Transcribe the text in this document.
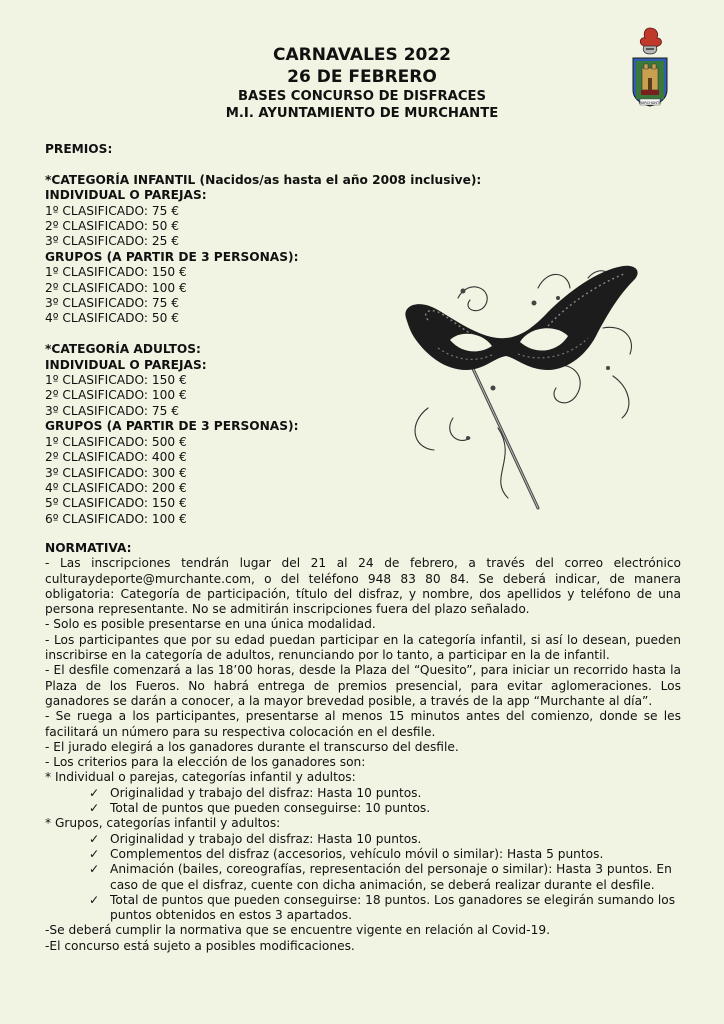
CARNAVALES 2022
26 DE FEBRERO
BASES CONCURSO DE DISFRACES
M.I. AYUNTAMIENTO DE MURCHANTE
MURCHANTE
PREMIOS:
*CATEGORÍA INFANTIL (Nacidos/as hasta el año 2008 inclusive):
INDIVIDUAL O PAREJAS:
1º CLASIFICADO: 75 €
2º CLASIFICADO: 50 €
3º CLASIFICADO: 25 €
GRUPOS (A PARTIR DE 3 PERSONAS):
1º CLASIFICADO: 150 €
2º CLASIFICADO: 100 €
3º CLASIFICADO: 75 €
4º CLASIFICADO: 50 €
*CATEGORÍA ADULTOS:
INDIVIDUAL O PAREJAS:
1º CLASIFICADO: 150 €
2º CLASIFICADO: 100 €
3º CLASIFICADO: 75 €
GRUPOS (A PARTIR DE 3 PERSONAS):
1º CLASIFICADO: 500 €
2º CLASIFICADO: 400 €
3º CLASIFICADO: 300 €
4º CLASIFICADO: 200 €
5º CLASIFICADO: 150 €
6º CLASIFICADO: 100 €

NORMATIVA:

- Las inscripciones tendrán lugar del 21 al 24 de febrero, a través del correo electrónico culturaydeporte@murchante.com, o del teléfono 948 83 80 84. Se deberá indicar, de manera obligatoria: Categoría de participación, título del disfraz, y nombre, dos apellidos y teléfono de una persona representante. No se admitirán inscripciones fuera del plazo señalado.

- Solo es posible presentarse en una única modalidad.

- Los participantes que por su edad puedan participar en la categoría infantil, si así lo desean, pueden inscribirse en la categoría de adultos, renunciando por lo tanto, a participar en la de infantil.

- El desfile comenzará a las 18’00 horas, desde la Plaza del “Quesito”, para iniciar un recorrido hasta la Plaza de los Fueros. No habrá entrega de premios presencial, para evitar aglomeraciones. Los ganadores se darán a conocer, a la mayor brevedad posible, a través de la app “Murchante al día”.

- Se ruega a los participantes, presentarse al menos 15 minutos antes del comienzo, donde se les facilitará un número para su respectiva colocación en el desfile.

- El jurado elegirá a los ganadores durante el transcurso del desfile.

- Los criterios para la elección de los ganadores son:

* Individual o parejas, categorías infantil y adultos:

✓ Originalidad y trabajo del disfraz: Hasta 10 puntos.
✓ Total de puntos que pueden conseguirse: 10 puntos.

* Grupos, categorías infantil y adultos:

✓ Originalidad y trabajo del disfraz: Hasta 10 puntos.
✓ Complementos del disfraz (accesorios, vehículo móvil o similar): Hasta 5 puntos.
✓ Animación (bailes, coreografías, representación del personaje o similar): Hasta 3 puntos. En caso de que el disfraz, cuente con dicha animación, se deberá realizar durante el desfile.
✓ Total de puntos que pueden conseguirse: 18 puntos. Los ganadores se elegirán sumando los puntos obtenidos en estos 3 apartados.

-Se deberá cumplir la normativa que se encuentre vigente en relación al Covid-19.

-El concurso está sujeto a posibles modificaciones.
